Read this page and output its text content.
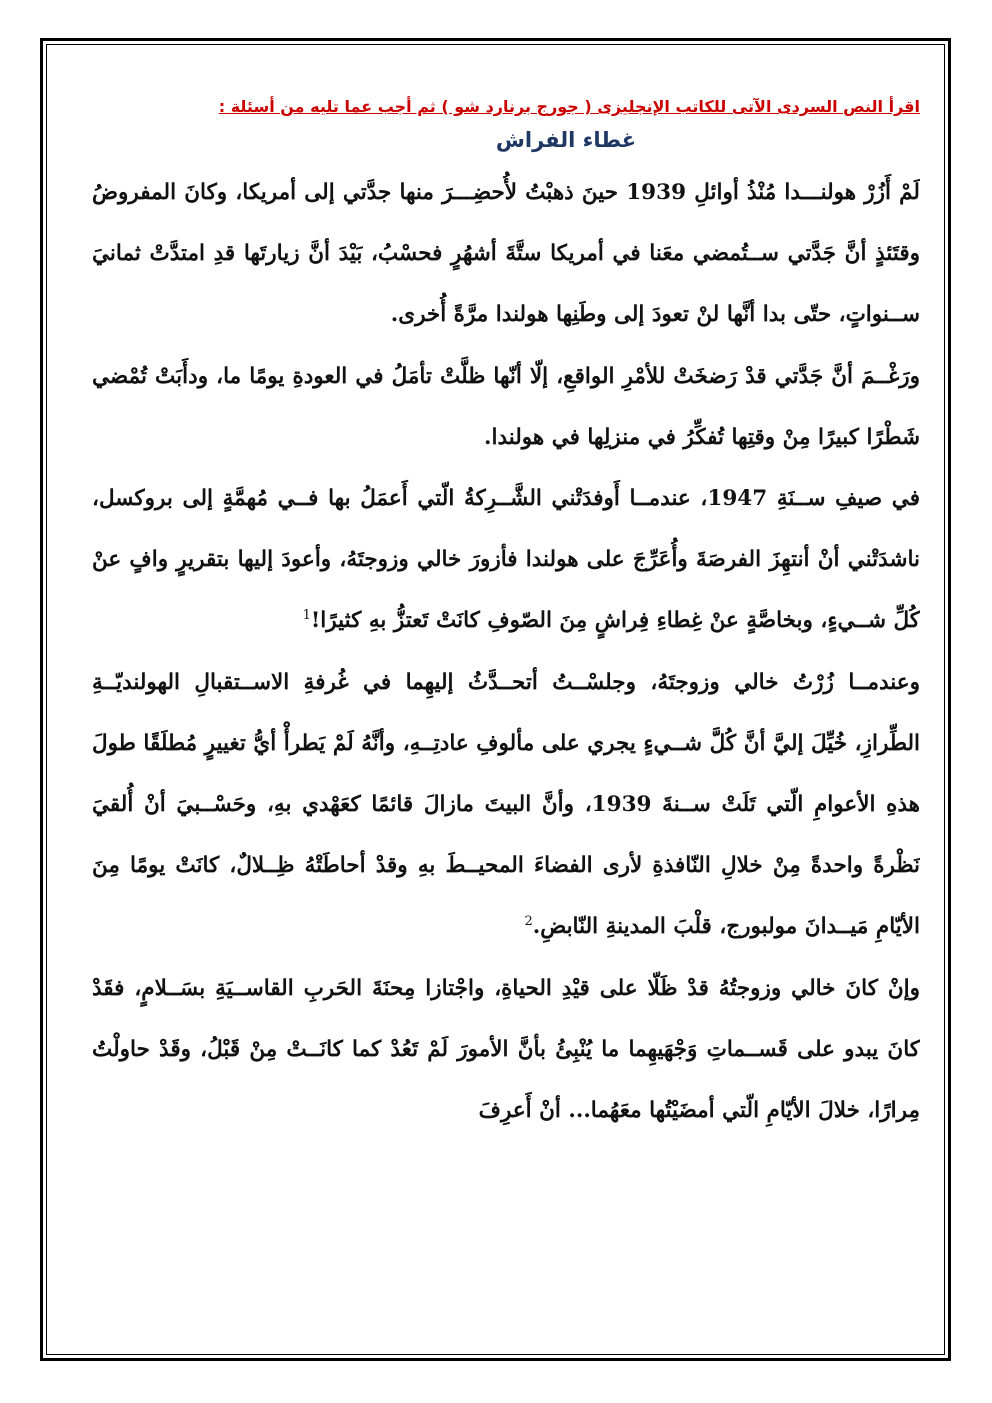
اقرأ النص السردى الآتى للكاتب الإنجليزى ( جورج برنارد شو ) ثم أجب عما تليه من أسئلة :

غطاء الفراش

لَمْ أَزُرْ هولنـــدا مُنْذُ أوائلِ 1939 حينَ ذهبْتُ لأُحضِـــرَ منها جدَّتي إلى أمريكا، وكانَ المفروضُ وقتَئذٍ أنَّ جَدَّتي ســتُمضي معَنا في أمريكا ستَّةَ أشهُرٍ فحسْبُ، بَيْدَ أنَّ زيارتَها قدِ امتدَّتْ ثمانيَ ســنواتٍ، حتّى بدا أنَّها لنْ تعودَ إلى وطَنِها هولندا مرَّةً أُخرى.

ورَغْــمَ أنَّ جَدَّتي قدْ رَضخَتْ للأمْرِ الواقعِ، إلّا أنّها ظلَّتْ تأمَلُ في العودةِ يومًا ما، ودأَبَتْ تُمْضي شَطْرًا كبيرًا مِنْ وقتِها تُفكِّرُ في منزلِها في هولندا.

في صيفِ ســنَةِ 1947، عندمــا أَوفدَتْني الشَّــرِكةُ الّتي أَعمَلُ بها فــي مُهمَّةٍ إلى بروكسل، ناشدَتْني أنْ أنتهِزَ الفرصَةَ وأُعَرِّجَ على هولندا فأزورَ خالي وزوجتَهُ، وأعودَ إليها بتقريرٍ وافٍ عنْ كُلِّ شــيءٍ، وبخاصَّةٍ عنْ غِطاءِ فِراشٍ مِنَ الصّوفِ كانَتْ تَعتزُّ بهِ كثيرًا!$^1$

وعندمــا زُرْتُ خالي وزوجتَهُ، وجلسْــتُ أتحــدَّثُ إليهِما في غُرفةِ الاســتقبالِ الهولنديّــةِ الطِّرازِ، خُيِّلَ إليَّ أنَّ كُلَّ شــيءٍ يجري على مألوفِ عادتِــهِ، وأنَّهُ لَمْ يَطرأْ أيُّ تغييرٍ مُطلَقًا طولَ هذهِ الأعوامِ الّتي تَلَتْ ســنةَ 1939، وأنَّ البيتَ مازالَ قائمًا كعَهْدي بهِ، وحَسْــبيَ أنْ أُلقيَ نَظْرةً واحدةً مِنْ خلالِ النّافذةِ لأرى الفضاءَ المحيــطَ بهِ وقدْ أحاطَتْهُ ظِــلالٌ، كانَتْ يومًا مِنَ الأيّامِ مَيــدانَ مولبورج، قلْبَ المدينةِ النّابضِ.$^2$

وإنْ كانَ خالي وزوجتُهُ قدْ ظَلّا على قيْدِ الحياةِ، واجْتازا مِحنَةَ الحَربِ القاســيَةِ بسَــلامٍ، فقَدْ كانَ يبدو على قَســماتِ وَجْهَيهِما ما يُنْبِئُ بأنَّ الأمورَ لَمْ تَعُدْ كما كانَــتْ مِنْ قَبْلُ، وقَدْ حاولْتُ مِرارًا، خلالَ الأيّامِ الّتي أمضَيْتُها معَهُما... أنْ أَعرِفَ
